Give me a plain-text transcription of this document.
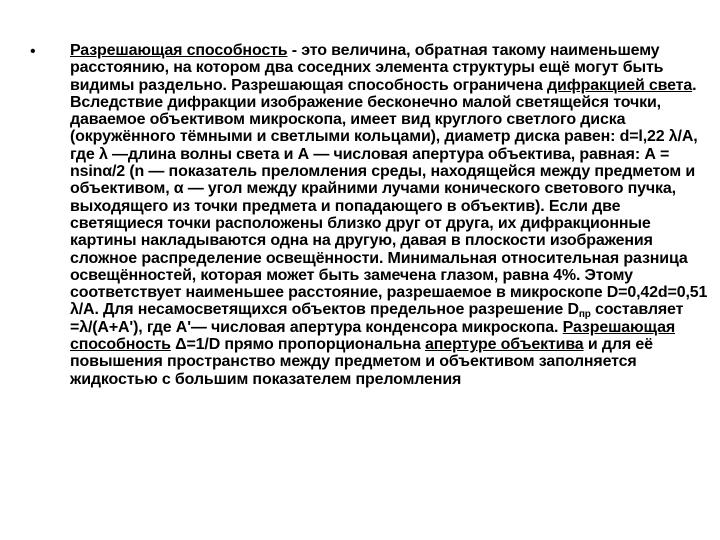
• Разрешающая способность - это величина, обратная такому наименьшему расстоянию, на котором два соседних элемента структуры ещё могут быть видимы раздельно. Разрешающая способность ограничена дифракцией света. Вследствие дифракции изображение бесконечно малой светящейся точки, даваемое объективом микроскопа, имеет вид круглого светлого диска (окружённого тёмными и светлыми кольцами), диаметр диска равен: d=l,22 λ/A, где λ —длина волны света и А — числовая апертура объектива, равная: А = nsinα/2 (n — показатель преломления среды, находящейся между предметом и объективом, α — угол между крайними лучами конического светового пучка, выходящего из точки предмета и попадающего в объектив). Если две светящиеся точки расположены близко друг от друга, их дифракционные картины накладываются одна на другую, давая в плоскости изображения сложное распределение освещённости. Минимальная относительная разница освещённостей, которая может быть замечена глазом, равна 4%. Этому соответствует наименьшее расстояние, разрешаемое в микроскопе D=0,42d=0,51 λ/A. Для несамосветящихся объектов предельное разрешение $D_{пр}$ составляет =λ/(A+A'), где А'— числовая апертура конденсора микроскопа. Разрешающая способность Δ=1/D прямо пропорциональна апертуре объектива и для её повышения пространство между предметом и объективом заполняется жидкостью с большим показателем преломления
